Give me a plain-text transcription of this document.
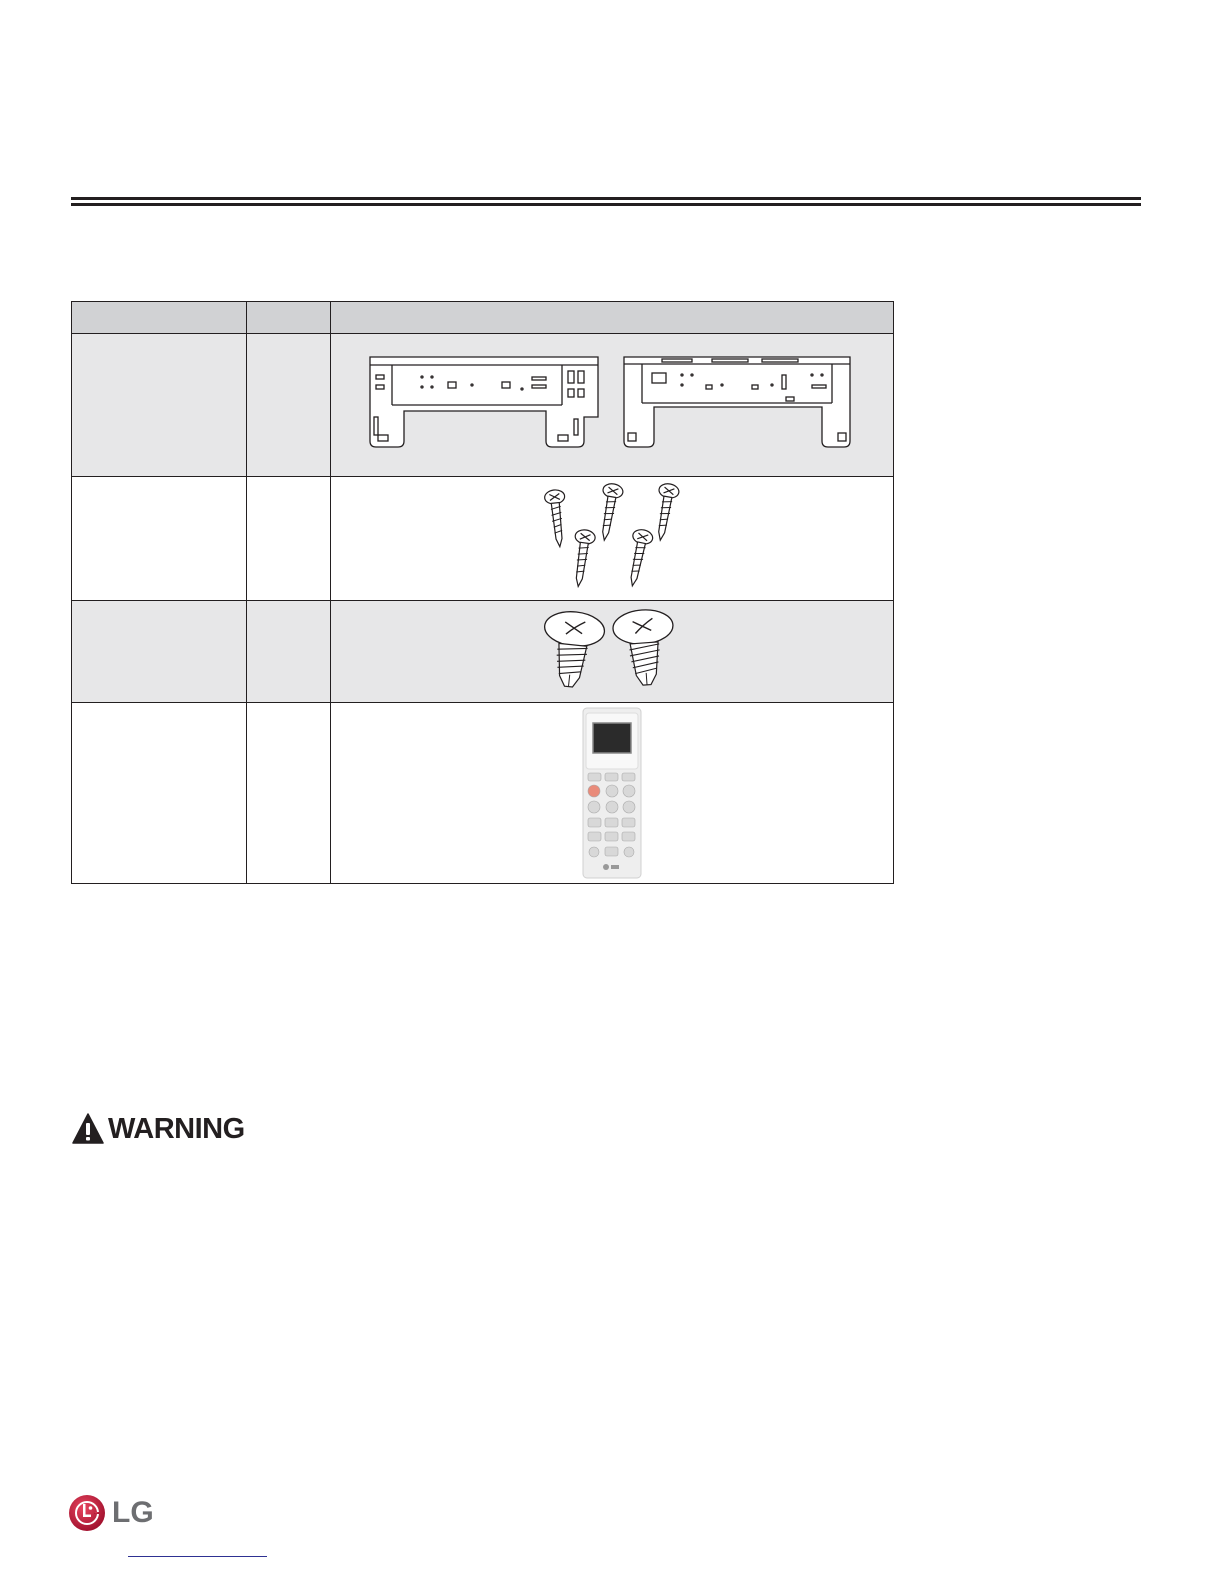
WARNING
LG
